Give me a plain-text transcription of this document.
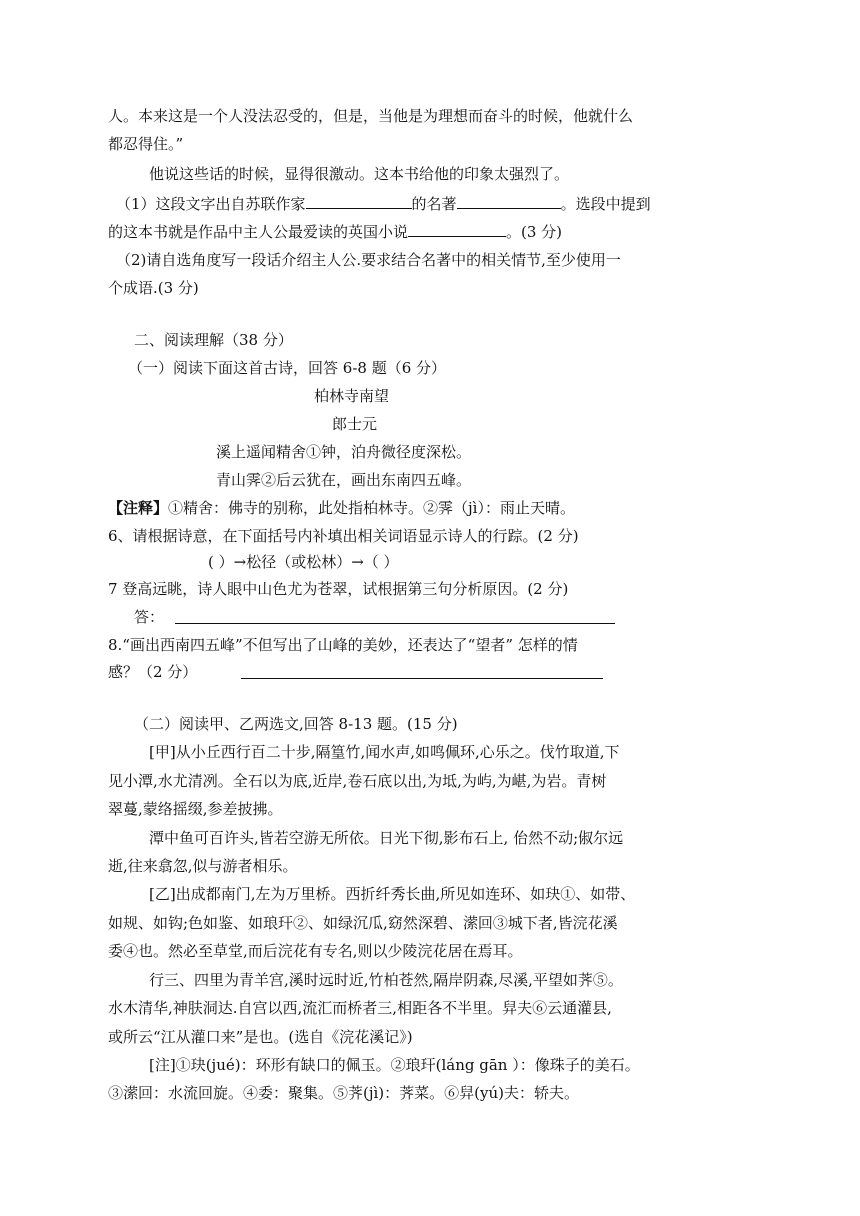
人。本来这是一个人没法忍受的，但是，当他是为理想而奋斗的时候，他就什么
都忍得住。”
他说这些话的时候，显得很激动。这本书给他的印象太强烈了。
（1）这段文字出自苏联作家	的名著	。选段中提到
的这本书就是作品中主人公最爱读的英国小说	。(3 分)
（2)请自选角度写一段话介绍主人公.要求结合名著中的相关情节,至少使用一
个成语.(3 分)
二、阅读理解（38 分）
（一）阅读下面这首古诗，回答 6-8 题（6 分）
柏林寺南望
郎士元
溪上遥闻精舍①钟，泊舟微径度深松。
青山霁②后云犹在，画出东南四五峰。
【注释】①精舍：佛寺的别称，此处指柏林寺。②霁（jì）：雨止天晴。
6、请根据诗意，在下面括号内补填出相关词语显示诗人的行踪。(2 分)
( ）→松径（或松林）→（ ）
7 登高远眺，诗人眼中山色尤为苍翠，试根据第三句分析原因。(2 分)
答：
8.“画出西南四五峰”不但写出了山峰的美妙，还表达了“望者” 怎样的情
感？（2 分）
（二）阅读甲、乙两选文,回答 8-13 题。(15 分)
[甲]从小丘西行百二十步,隔篁竹,闻水声,如鸣佩环,心乐之。伐竹取道,下
见小潭,水尤清冽。全石以为底,近岸,卷石底以出,为坻,为屿,为嵁,为岩。青树
翠蔓,蒙络摇缀,参差披拂。
潭中鱼可百许头,皆若空游无所依。日光下彻,影布石上, 佁然不动;俶尔远
逝,往来翕忽,似与游者相乐。
[乙]出成都南门,左为万里桥。西折纤秀长曲,所见如连环、如玦①、如带、
如规、如钩;色如鉴、如琅玕②、如绿沉瓜,窈然深碧、潆回③城下者,皆浣花溪
委④也。然必至草堂,而后浣花有专名,则以少陵浣花居在焉耳。
行三、四里为青羊宫,溪时远时近,竹柏苍然,隔岸阴森,尽溪,平望如荠⑤。
水木清华,神肤洞达.自宫以西,流汇而桥者三,相距各不半里。舁夫⑥云通灌县,
或所云“江从灌口来”是也。(选自《浣花溪记》)
[注]①玦(jué)：环形有缺口的佩玉。②琅玕(láng gān ）：像珠子的美石。
③潆回：水流回旋。④委：聚集。⑤荠(jì)：荠菜。⑥舁(yú)夫：轿夫。
